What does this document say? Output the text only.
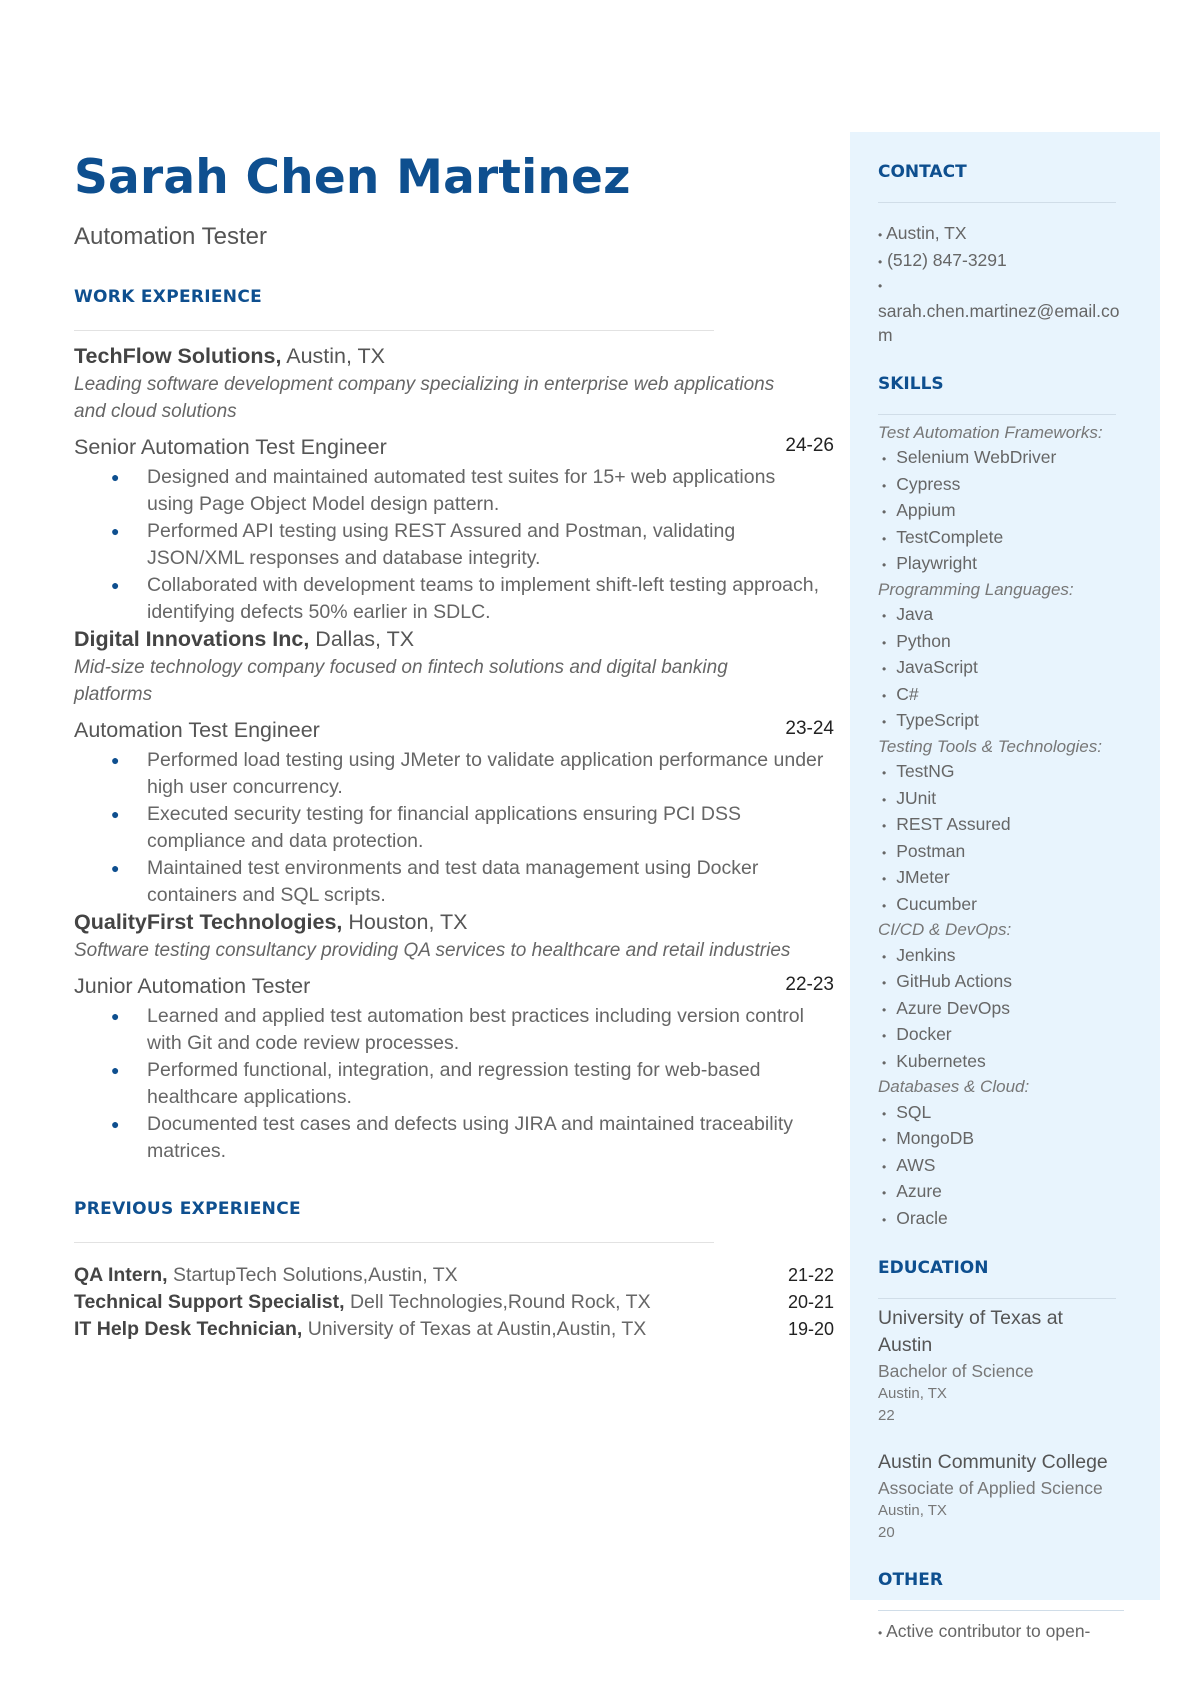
Sarah Chen Martinez
Automation Tester
WORK EXPERIENCE
TechFlow Solutions, Austin, TX
Leading software development company specializing in enterprise web applications and cloud solutions
Senior Automation Test Engineer	24-26
● Designed and maintained automated test suites for 15+ web applications using Page Object Model design pattern.
● Performed API testing using REST Assured and Postman, validating JSON/XML responses and database integrity.
● Collaborated with development teams to implement shift-left testing approach, identifying defects 50% earlier in SDLC.
Digital Innovations Inc, Dallas, TX
Mid-size technology company focused on fintech solutions and digital banking platforms
Automation Test Engineer	23-24
● Performed load testing using JMeter to validate application performance under high user concurrency.
● Executed security testing for financial applications ensuring PCI DSS compliance and data protection.
● Maintained test environments and test data management using Docker containers and SQL scripts.
QualityFirst Technologies, Houston, TX
Software testing consultancy providing QA services to healthcare and retail industries
Junior Automation Tester	22-23
● Learned and applied test automation best practices including version control with Git and code review processes.
● Performed functional, integration, and regression testing for web-based healthcare applications.
● Documented test cases and defects using JIRA and maintained traceability matrices.
PREVIOUS EXPERIENCE
QA Intern, StartupTech Solutions,Austin, TX	21-22
Technical Support Specialist, Dell Technologies,Round Rock, TX	20-21
IT Help Desk Technician, University of Texas at Austin,Austin, TX	19-20
CONTACT
• Austin, TX
• (512) 847-3291
•
sarah.chen.martinez@email.co
m
SKILLS
Test Automation Frameworks:
• Selenium WebDriver
• Cypress
• Appium
• TestComplete
• Playwright
Programming Languages:
• Java
• Python
• JavaScript
• C#
• TypeScript
Testing Tools & Technologies:
• TestNG
• JUnit
• REST Assured
• Postman
• JMeter
• Cucumber
CI/CD & DevOps:
• Jenkins
• GitHub Actions
• Azure DevOps
• Docker
• Kubernetes
Databases & Cloud:
• SQL
• MongoDB
• AWS
• Azure
• Oracle
EDUCATION
University of Texas at
Austin
Bachelor of Science
Austin, TX
22
Austin Community College
Associate of Applied Science
Austin, TX
20
OTHER
• Active contributor to open-
